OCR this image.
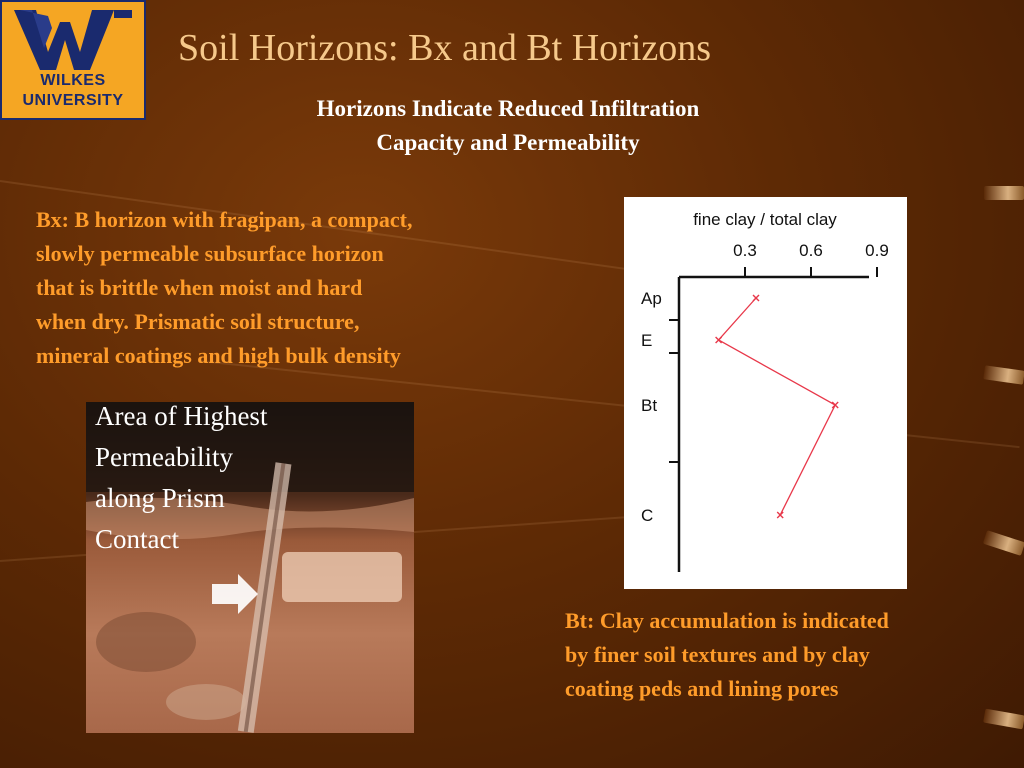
WILKES
UNIVERSITY
Soil Horizons: Bx and Bt Horizons
Horizons Indicate Reduced Infiltration
Capacity and Permeability
Bx: B horizon with fragipan, a compact,
slowly permeable subsurface horizon
that is brittle when moist and hard
when dry. Prismatic soil structure,
mineral coatings and high bulk density
Area of Highest
Permeability
along Prism
Contact
fine clay / total clay
0.3 0.6 0.9
Ap
E
Bt
C
Bt: Clay accumulation is indicated
by finer soil textures and by clay
coating peds and lining pores
